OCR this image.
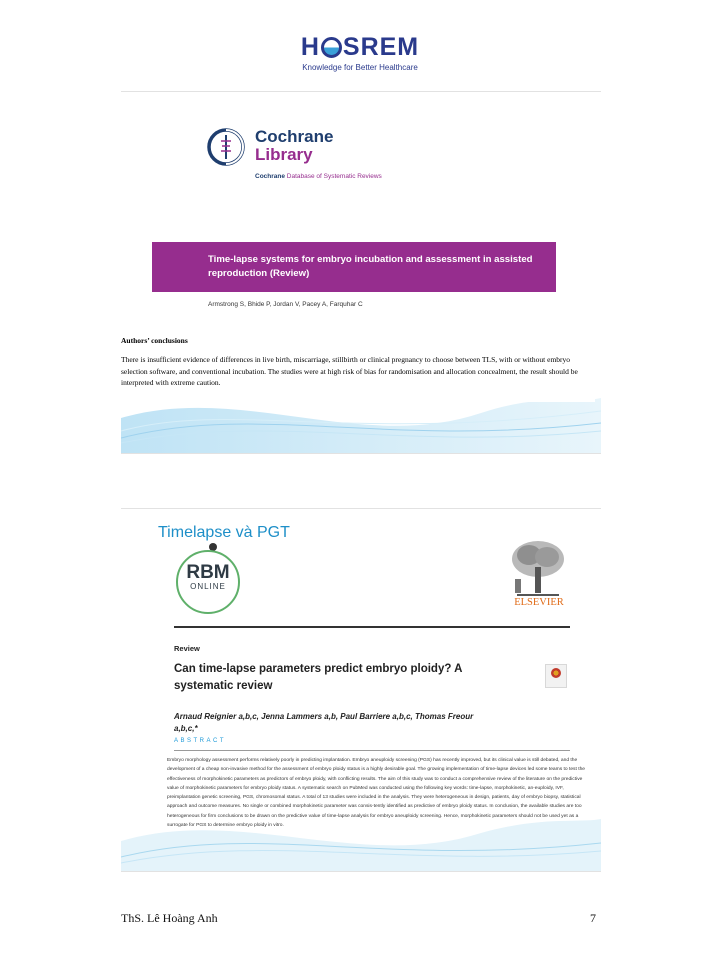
H SREM
Knowledge for Better Healthcare
Cochrane
Library
Cochrane Database of Systematic Reviews
Time-lapse systems for embryo incubation and assessment in assisted reproduction (Review)
Armstrong S, Bhide P, Jordan V, Pacey A, Farquhar C
Authors’ conclusions
There is insufficient evidence of differences in live birth, miscarriage, stillbirth or clinical pregnancy to choose between TLS, with or without embryo selection software, and conventional incubation. The studies were at high risk of bias for randomisation and allocation concealment, the result should be interpreted with extreme caution.
Timelapse và PGT
RBM
ONLINE
ELSEVIER
Review
Can time-lapse parameters predict embryo ploidy? A systematic review
Arnaud Reignier a,b,c, Jenna Lammers a,b, Paul Barriere a,b,c, Thomas Freour a,b,c,*
ABSTRACT
Embryo morphology assessment performs relatively poorly in predicting implantation. Embryo aneuploidy screening (PGS) has recently improved, but its clinical value is still debated, and the development of a cheap non-invasive method for the assessment of embryo ploidy status is a highly desirable goal. The growing implementation of time-lapse devices led some teams to test the effectiveness of morphokinetic parameters as predictors of embryo ploidy, with conflicting results. The aim of this study was to conduct a comprehensive review of the literature on the predictive value of morphokinetic parameters for embryo ploidy status. A systematic search on PubMed was conducted using the following key words: time-lapse, morphokinetic, an-euploidy, IVF, preimplantation genetic screening, PGS, chromosomal status. A total of 13 studies were included in the analysis. They were heterogeneous in design, patients, day of embryo biopsy, statistical approach and outcome measures. No single or combined morphokinetic parameter was consis-tently identified as predictive of embryo ploidy status. In conclusion, the available studies are too heterogeneous for firm conclusions to be drawn on the predictive value of time-lapse analysis for embryo aneuploidy screening. Hence, morphokinetic parameters should not be used yet as a surrogate for PGS to determine embryo ploidy in vitro.
ThS. Lê Hoàng Anh	7
